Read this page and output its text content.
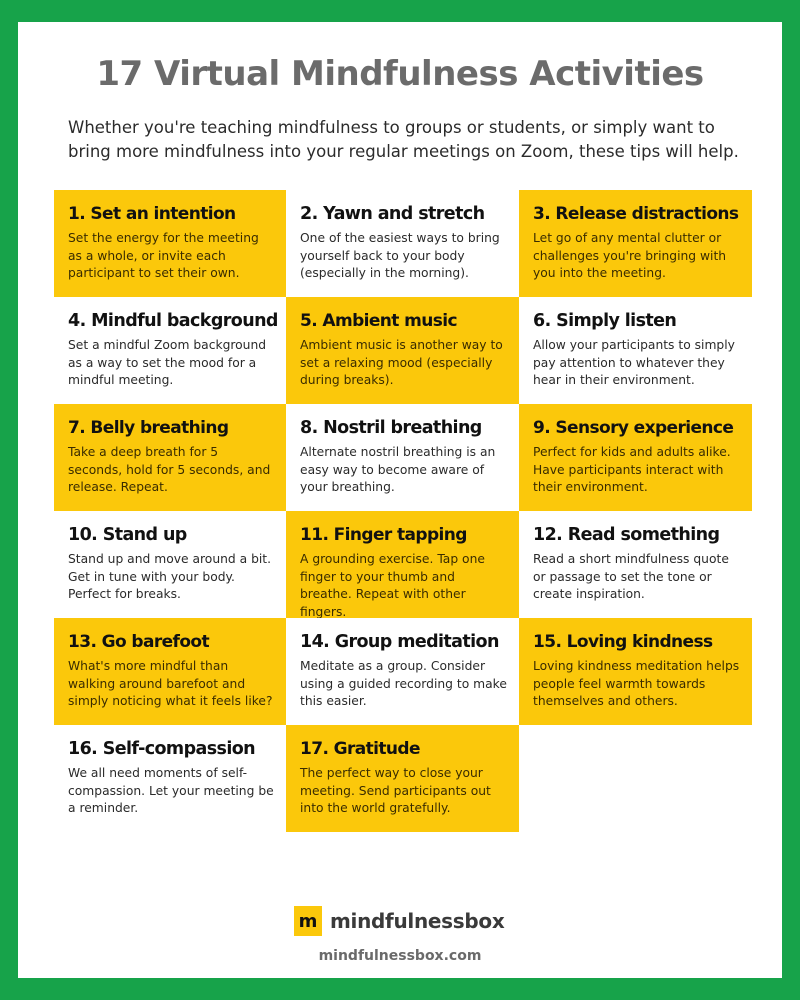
17 Virtual Mindfulness Activities
Whether you're teaching mindfulness to groups or students, or simply want to bring more mindfulness into your regular meetings on Zoom, these tips will help.
1. Set an intention
Set the energy for the meeting as a whole, or invite each participant to set their own.
2. Yawn and stretch
One of the easiest ways to bring yourself back to your body (especially in the morning).
3. Release distractions
Let go of any mental clutter or challenges you're bringing with you into the meeting.
4. Mindful background
Set a mindful Zoom background as a way to set the mood for a mindful meeting.
5. Ambient music
Ambient music is another way to set a relaxing mood (especially during breaks).
6. Simply listen
Allow your participants to simply pay attention to whatever they hear in their environment.
7. Belly breathing
Take a deep breath for 5 seconds, hold for 5 seconds, and release. Repeat.
8. Nostril breathing
Alternate nostril breathing is an easy way to become aware of your breathing.
9. Sensory experience
Perfect for kids and adults alike. Have participants interact with their environment.
10. Stand up
Stand up and move around a bit. Get in tune with your body. Perfect for breaks.
11. Finger tapping
A grounding exercise. Tap one finger to your thumb and breathe. Repeat with other fingers.
12. Read something
Read a short mindfulness quote or passage to set the tone or create inspiration.
13. Go barefoot
What's more mindful than walking around barefoot and simply noticing what it feels like?
14. Group meditation
Meditate as a group. Consider using a guided recording to make this easier.
15. Loving kindness
Loving kindness meditation helps people feel warmth towards themselves and others.
16. Self-compassion
We all need moments of self-compassion. Let your meeting be a reminder.
17. Gratitude
The perfect way to close your meeting. Send participants out into the world gratefully.
m mindfulnessbox
mindfulnessbox.com
